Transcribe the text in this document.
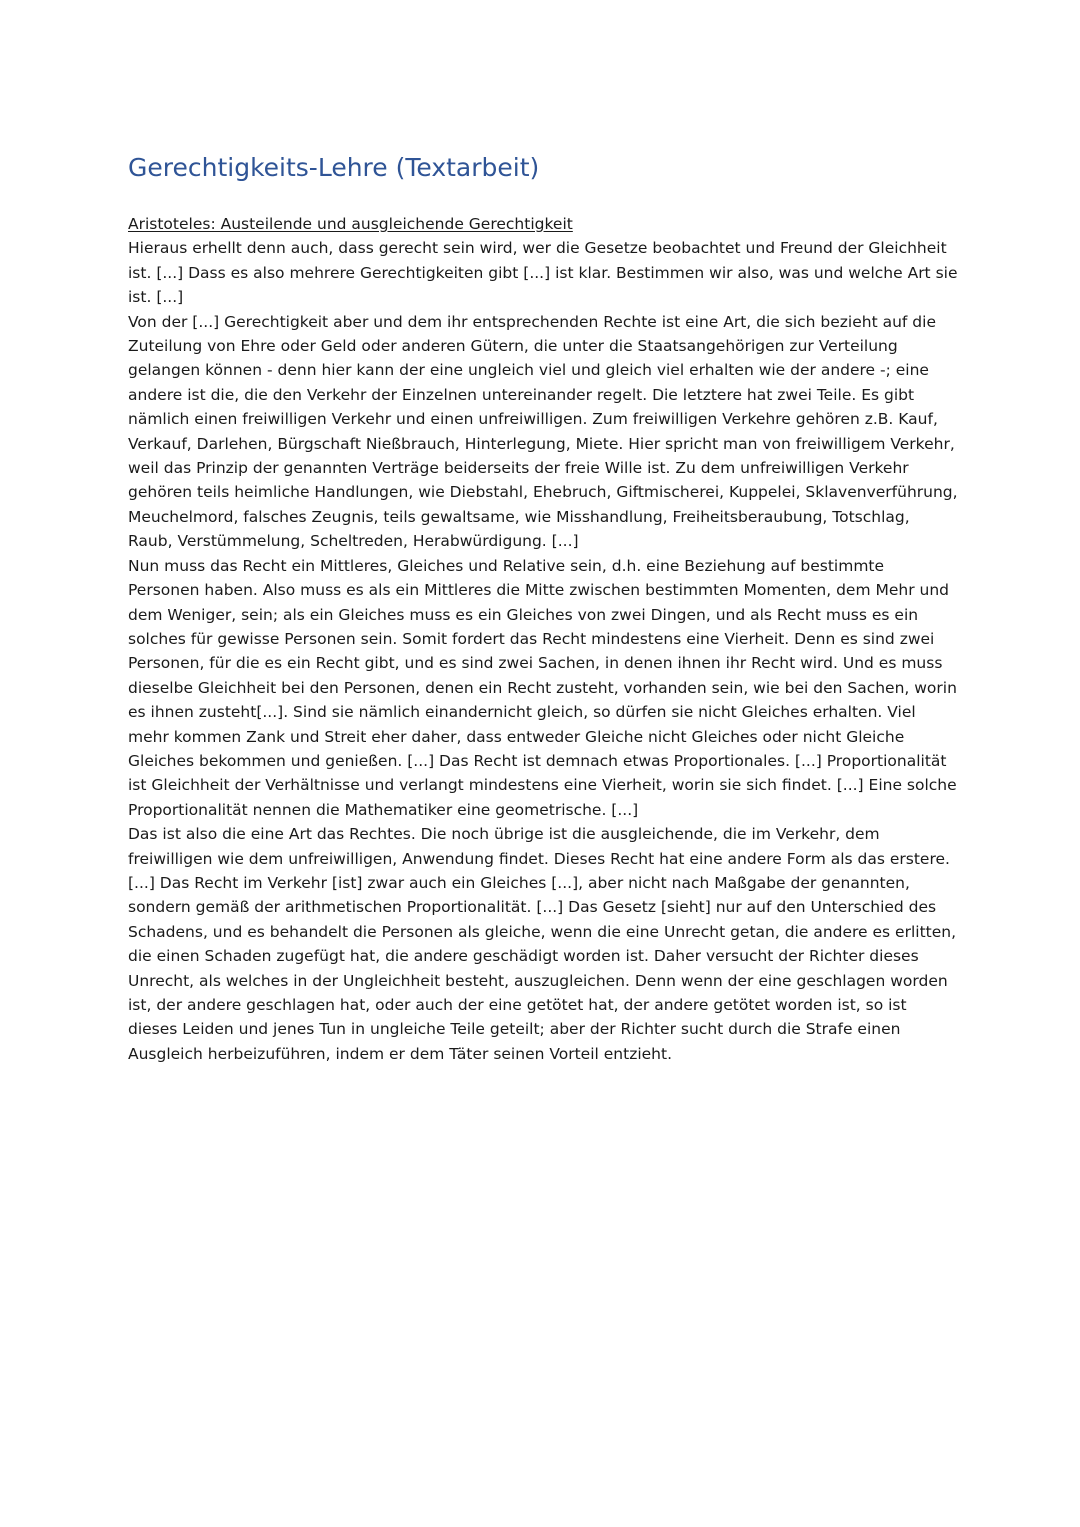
Gerechtigkeits-Lehre (Textarbeit)

Aristoteles: Austeilende und ausgleichende Gerechtigkeit

Hieraus erhellt denn auch, dass gerecht sein wird, wer die Gesetze beobachtet und Freund der Gleichheit ist. [...] Dass es also mehrere Gerechtigkeiten gibt [...] ist klar. Bestimmen wir also, was und welche Art sie ist. [...]

Von der [...] Gerechtigkeit aber und dem ihr entsprechenden Rechte ist eine Art, die sich bezieht auf die Zuteilung von Ehre oder Geld oder anderen Gütern, die unter die Staatsangehörigen zur Verteilung gelangen können - denn hier kann der eine ungleich viel und gleich viel erhalten wie der andere -; eine andere ist die, die den Verkehr der Einzelnen untereinander regelt. Die letztere hat zwei Teile. Es gibt nämlich einen freiwilligen Verkehr und einen unfreiwilligen. Zum freiwilligen Verkehre gehören z.B. Kauf, Verkauf, Darlehen, Bürgschaft Nießbrauch, Hinterlegung, Miete. Hier spricht man von freiwilligem Verkehr, weil das Prinzip der genannten Verträge beiderseits der freie Wille ist. Zu dem unfreiwilligen Verkehr gehören teils heimliche Handlungen, wie Diebstahl, Ehebruch, Giftmischerei, Kuppelei, Sklavenverführung, Meuchelmord, falsches Zeugnis, teils gewaltsame, wie Misshandlung, Freiheitsberaubung, Totschlag, Raub, Verstümmelung, Scheltreden, Herabwürdigung. [...]

Nun muss das Recht ein Mittleres, Gleiches und Relative sein, d.h. eine Beziehung auf bestimmte Personen haben. Also muss es als ein Mittleres die Mitte zwischen bestimmten Momenten, dem Mehr und dem Weniger, sein; als ein Gleiches muss es ein Gleiches von zwei Dingen, und als Recht muss es ein solches für gewisse Personen sein. Somit fordert das Recht mindestens eine Vierheit. Denn es sind zwei Personen, für die es ein Recht gibt, und es sind zwei Sachen, in denen ihnen ihr Recht wird. Und es muss dieselbe Gleichheit bei den Personen, denen ein Recht zusteht, vorhanden sein, wie bei den Sachen, worin es ihnen zusteht[...]. Sind sie nämlich einandernicht gleich, so dürfen sie nicht Gleiches erhalten. Viel mehr kommen Zank und Streit eher daher, dass entweder Gleiche nicht Gleiches oder nicht Gleiche Gleiches bekommen und genießen. [...] Das Recht ist demnach etwas Proportionales. [...] Proportionalität ist Gleichheit der Verhältnisse und verlangt mindestens eine Vierheit, worin sie sich findet. [...] Eine solche Proportionalität nennen die Mathematiker eine geometrische. [...]

Das ist also die eine Art das Rechtes. Die noch übrige ist die ausgleichende, die im Verkehr, dem freiwilligen wie dem unfreiwilligen, Anwendung findet. Dieses Recht hat eine andere Form als das erstere. [...] Das Recht im Verkehr [ist] zwar auch ein Gleiches [...], aber nicht nach Maßgabe der genannten, sondern gemäß der arithmetischen Proportionalität. [...] Das Gesetz [sieht] nur auf den Unterschied des Schadens, und es behandelt die Personen als gleiche, wenn die eine Unrecht getan, die andere es erlitten, die einen Schaden zugefügt hat, die andere geschädigt worden ist. Daher versucht der Richter dieses Unrecht, als welches in der Ungleichheit besteht, auszugleichen. Denn wenn der eine geschlagen worden ist, der andere geschlagen hat, oder auch der eine getötet hat, der andere getötet worden ist, so ist dieses Leiden und jenes Tun in ungleiche Teile geteilt; aber der Richter sucht durch die Strafe einen Ausgleich herbeizuführen, indem er dem Täter seinen Vorteil entzieht.
